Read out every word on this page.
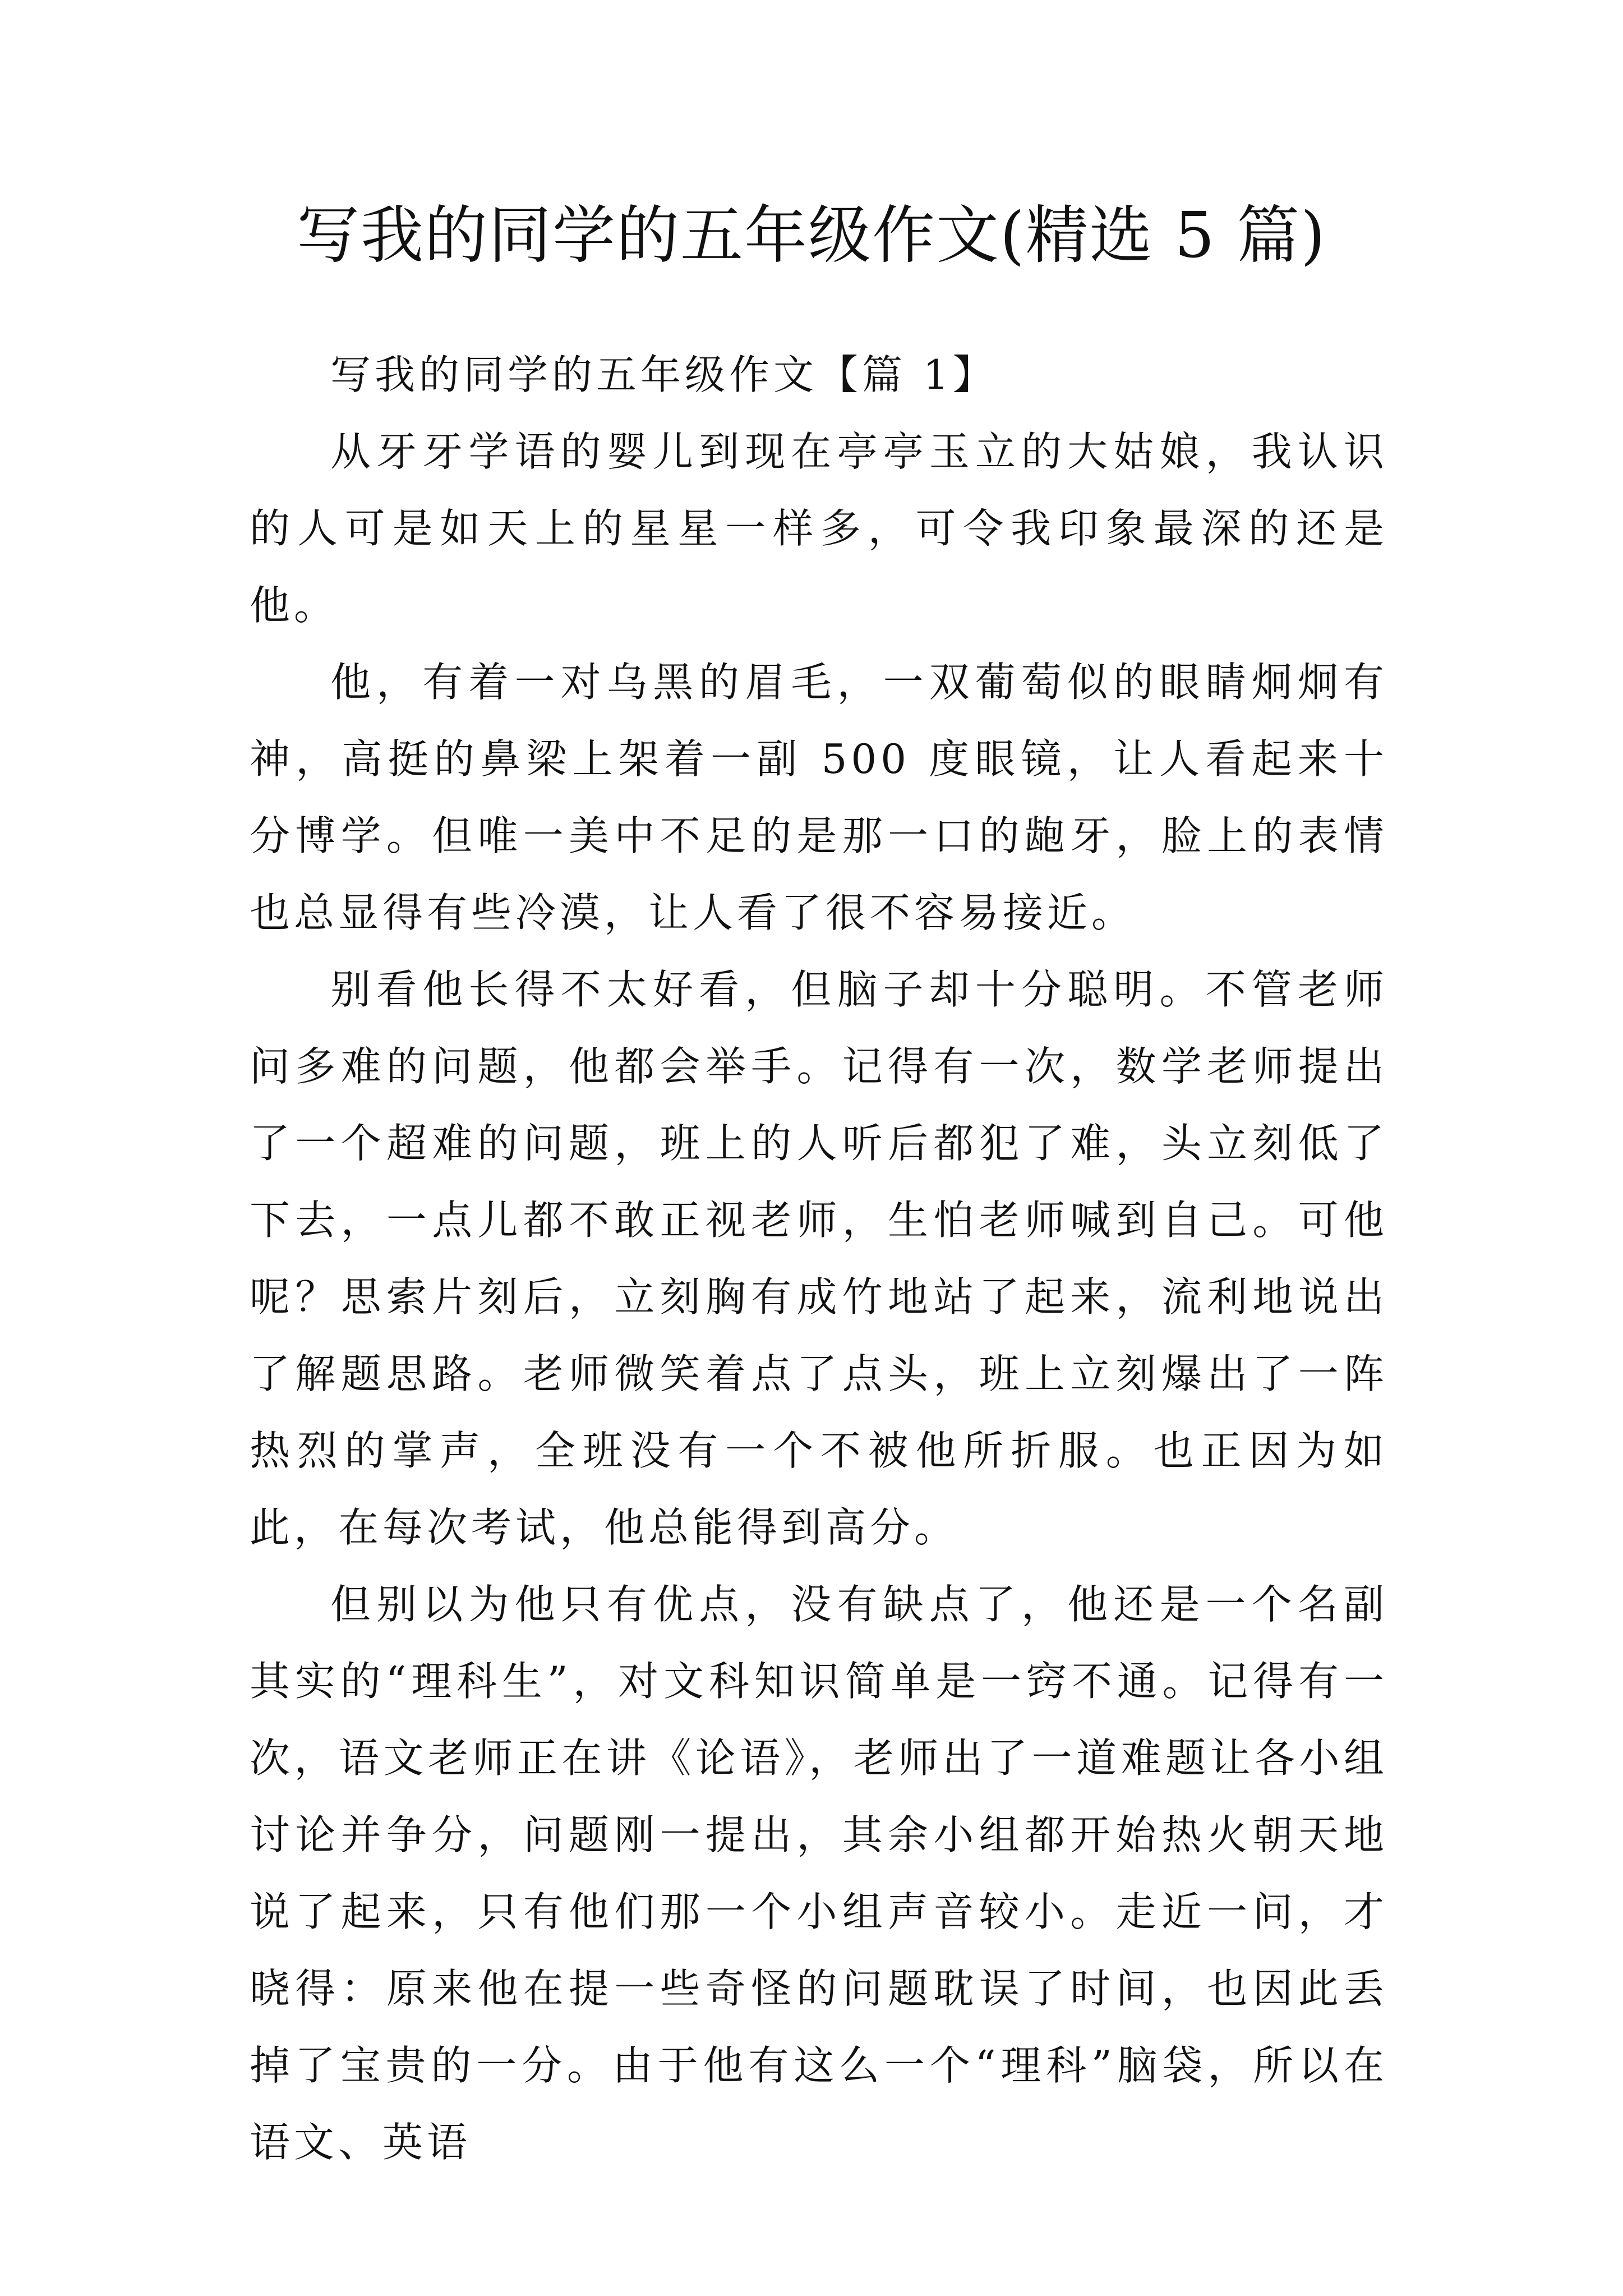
写我的同学的五年级作文(精选 5 篇)

写我的同学的五年级作文【篇 1】

从牙牙学语的婴儿到现在亭亭玉立的大姑娘，我认识的人可是如天上的星星一样多，可令我印象最深的还是他。

他，有着一对乌黑的眉毛，一双葡萄似的眼睛炯炯有神，高挺的鼻梁上架着一副 500 度眼镜，让人看起来十分博学。但唯一美中不足的是那一口的龅牙，脸上的表情也总显得有些冷漠，让人看了很不容易接近。

别看他长得不太好看，但脑子却十分聪明。不管老师问多难的问题，他都会举手。记得有一次，数学老师提出了一个超难的问题，班上的人听后都犯了难，头立刻低了下去，一点儿都不敢正视老师，生怕老师喊到自己。可他呢？思索片刻后，立刻胸有成竹地站了起来，流利地说出了解题思路。老师微笑着点了点头，班上立刻爆出了一阵热烈的掌声，全班没有一个不被他所折服。也正因为如此，在每次考试，他总能得到高分。

但别以为他只有优点，没有缺点了，他还是一个名副其实的“理科生”，对文科知识简单是一窍不通。记得有一次，语文老师正在讲《论语》，老师出了一道难题让各小组讨论并争分，问题刚一提出，其余小组都开始热火朝天地说了起来，只有他们那一个小组声音较小。走近一问，才晓得：原来他在提一些奇怪的问题耽误了时间，也因此丢掉了宝贵的一分。由于他有这么一个“理科”脑袋，所以在语文、英语
